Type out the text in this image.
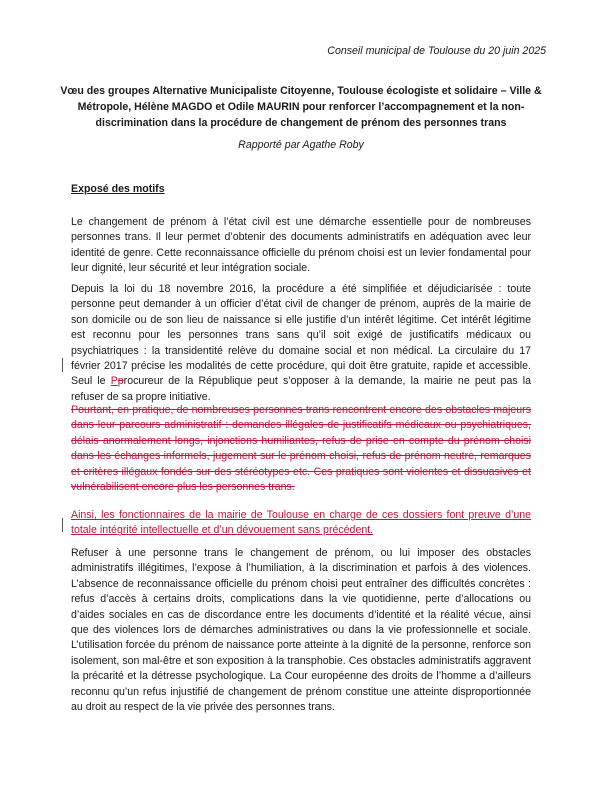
Conseil municipal de Toulouse du 20 juin 2025
Vœu des groupes Alternative Municipaliste Citoyenne, Toulouse écologiste et solidaire – Ville & Métropole, Hélène MAGDO et Odile MAURIN pour renforcer l’accompagnement et la non-discrimination dans la procédure de changement de prénom des personnes trans
Rapporté par Agathe Roby
Exposé des motifs
Le changement de prénom à l’état civil est une démarche essentielle pour de nombreuses personnes trans. Il leur permet d’obtenir des documents administratifs en adéquation avec leur identité de genre. Cette reconnaissance officielle du prénom choisi est un levier fondamental pour leur dignité, leur sécurité et leur intégration sociale.
Depuis la loi du 18 novembre 2016, la procédure a été simplifiée et déjudiciarisée : toute personne peut demander à un officier d’état civil de changer de prénom, auprès de la mairie de son domicile ou de son lieu de naissance si elle justifie d’un intérêt légitime. Cet intérêt légitime est reconnu pour les personnes trans sans qu’il soit exigé de justificatifs médicaux ou psychiatriques : la transidentité relève du domaine social et non médical. La circulaire du 17 février 2017 précise les modalités de cette procédure, qui doit être gratuite, rapide et accessible. Seul le Pprocureur de la République peut s’opposer à la demande, la mairie ne peut pas la refuser de sa propre initiative.
Pourtant, en pratique, de nombreuses personnes trans rencontrent encore des obstacles majeurs dans leur parcours administratif : demandes illégales de justificatifs médicaux ou psychiatriques, délais anormalement longs, injonctions humiliantes, refus de prise en compte du prénom choisi dans les échanges informels, jugement sur le prénom choisi, refus de prénom neutre, remarques et critères illégaux fondés sur des stéréotypes etc. Ces pratiques sont violentes et dissuasives et vulnérabilisent encore plus les personnes trans.
Ainsi, les fonctionnaires de la mairie de Toulouse en charge de ces dossiers font preuve d’une totale intégrité intellectuelle et d’un dévouement sans précédent.
Refuser à une personne trans le changement de prénom, ou lui imposer des obstacles administratifs illégitimes, l’expose à l’humiliation, à la discrimination et parfois à des violences. L’absence de reconnaissance officielle du prénom choisi peut entraîner des difficultés concrètes : refus d’accès à certains droits, complications dans la vie quotidienne, perte d’allocations ou d’aides sociales en cas de discordance entre les documents d’identité et la réalité vécue, ainsi que des violences lors de démarches administratives ou dans la vie professionnelle et sociale. L’utilisation forcée du prénom de naissance porte atteinte à la dignité de la personne, renforce son isolement, son mal-être et son exposition à la transphobie. Ces obstacles administratifs aggravent la précarité et la détresse psychologique. La Cour européenne des droits de l’homme a d’ailleurs reconnu qu’un refus injustifié de changement de prénom constitue une atteinte disproportionnée au droit au respect de la vie privée des personnes trans.
